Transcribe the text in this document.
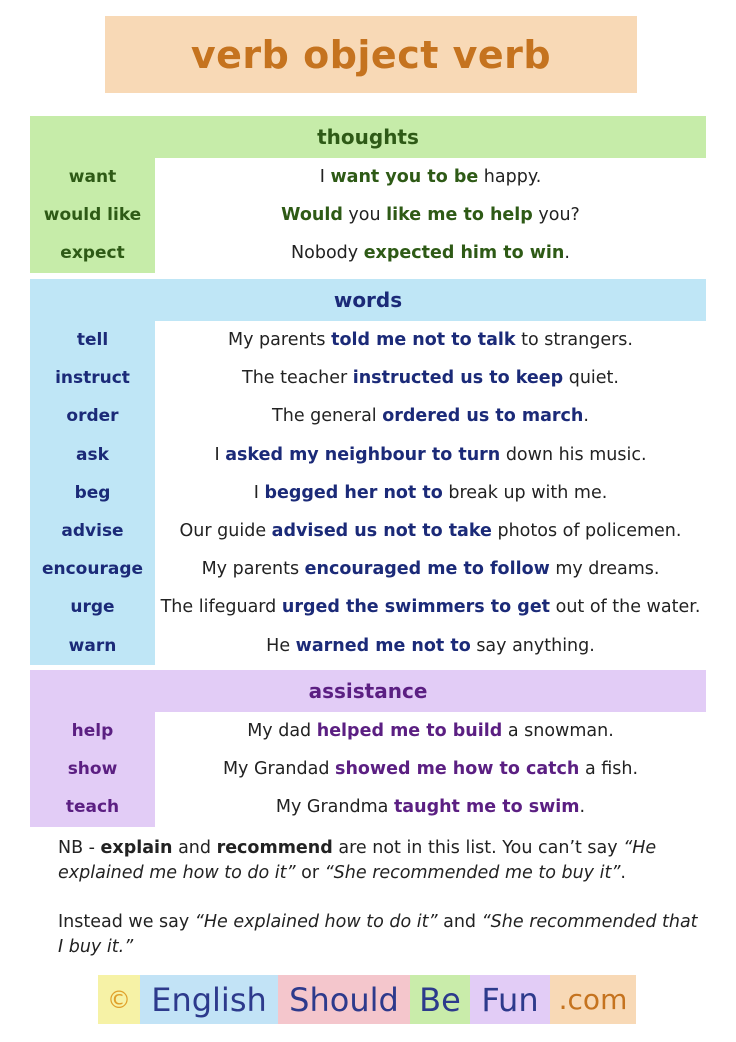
verb object verb
thoughts
want	I want you to be happy.
would like	Would you like me to help you?
expect	Nobody expected him to win.
words
tell	My parents told me not to talk to strangers.
instruct	The teacher instructed us to keep quiet.
order	The general ordered us to march.
ask	I asked my neighbour to turn down his music.
beg	I begged her not to break up with me.
advise	Our guide advised us not to take photos of policemen.
encourage	My parents encouraged me to follow my dreams.
urge	The lifeguard urged the swimmers to get out of the water.
warn	He warned me not to say anything.
assistance
help	My dad helped me to build a snowman.
show	My Grandad showed me how to catch a fish.
teach	My Grandma taught me to swim.
NB - explain and recommend are not in this list. You can’t say “He explained me how to do it” or “She recommended me to buy it”.
Instead we say “He explained how to do it” and “She recommended that I buy it.”
© English Should Be Fun .com
